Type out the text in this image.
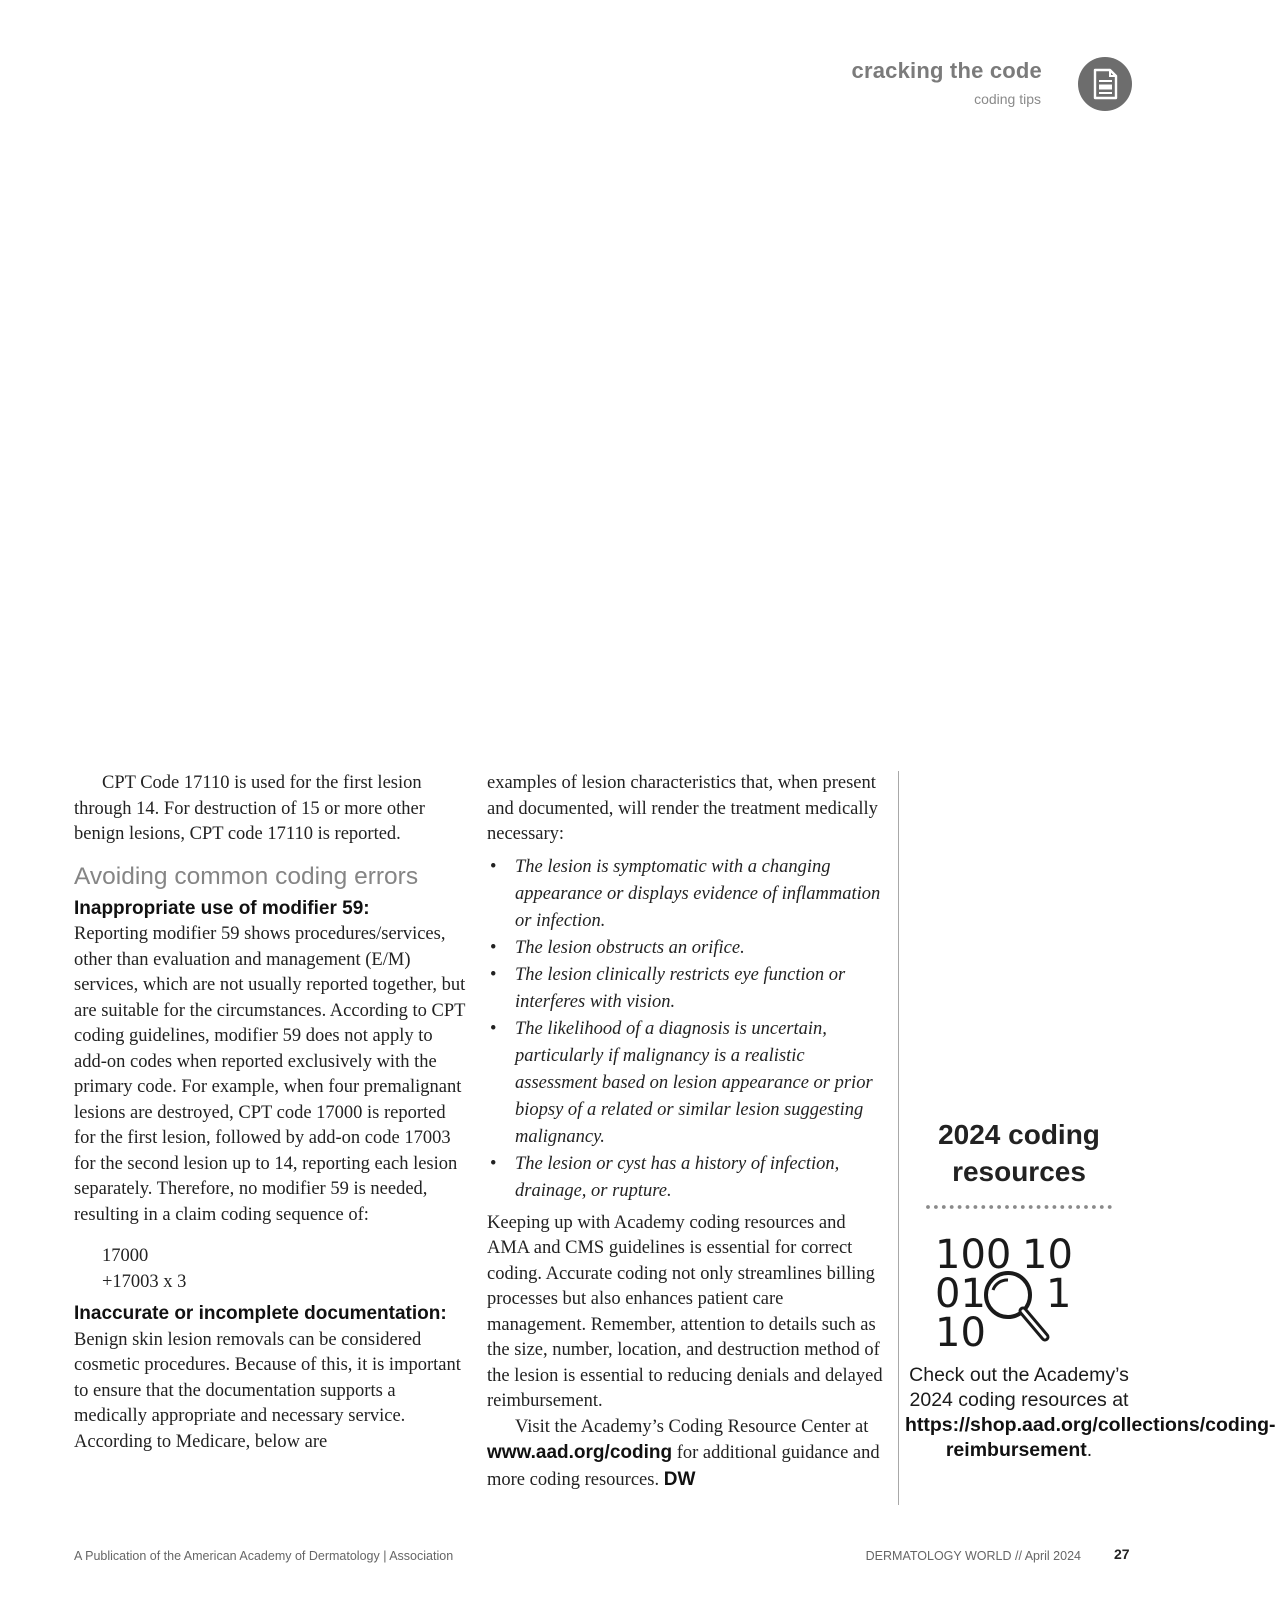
cracking the code
coding tips

CPT Code 17110 is used for the first lesion through 14. For destruction of 15 or more other benign lesions, CPT code 17110 is reported.

Avoiding common coding errors

Inappropriate use of modifier 59:
Reporting modifier 59 shows procedures/services, other than evaluation and management (E/M) services, which are not usually reported together, but are suitable for the circumstances. According to CPT coding guidelines, modifier 59 does not apply to add-on codes when reported exclusively with the primary code. For example, when four premalignant lesions are destroyed, CPT code 17000 is reported for the first lesion, followed by add-on code 17003 for the second lesion up to 14, reporting each lesion separately. Therefore, no modifier 59 is needed, resulting in a claim coding sequence of:

17000
+17003 x 3

Inaccurate or incomplete documentation: Benign skin lesion removals can be considered cosmetic procedures. Because of this, it is important to ensure that the documentation supports a medically appropriate and necessary service. According to Medicare, below are

examples of lesion characteristics that, when present and documented, will render the treatment medically necessary:

• The lesion is symptomatic with a changing appearance or displays evidence of inflammation or infection.
• The lesion obstructs an orifice.
• The lesion clinically restricts eye function or interferes with vision.
• The likelihood of a diagnosis is uncertain, particularly if malignancy is a realistic assessment based on lesion appearance or prior biopsy of a related or similar lesion suggesting malignancy.
• The lesion or cyst has a history of infection, drainage, or rupture.

Keeping up with Academy coding resources and AMA and CMS guidelines is essential for correct coding. Accurate coding not only streamlines billing processes but also enhances patient care management. Remember, attention to details such as the size, number, location, and destruction method of the lesion is essential to reducing denials and delayed reimbursement.

Visit the Academy’s Coding Resource Center at www.aad.org/coding for additional guidance and more coding resources. DW

2024 coding
resources
100 10
01 1
10
Check out the Academy’s 2024 coding resources at https://shop.aad.org/collections/coding-reimbursement.
A Publication of the American Academy of Dermatology | Association	DERMATOLOGY WORLD // April 2024 27
